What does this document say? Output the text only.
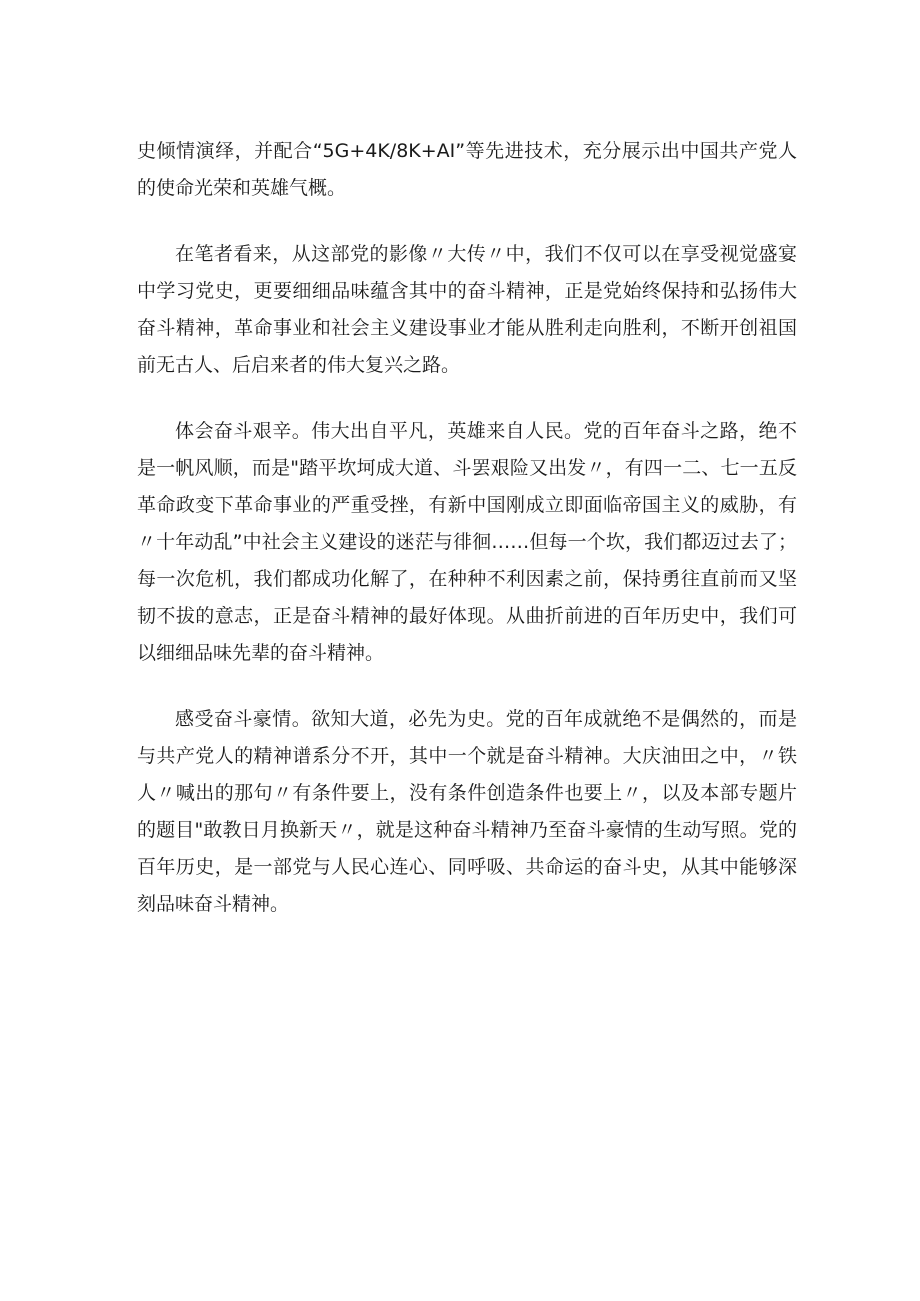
史倾情演绎，并配合“5G+4K/8K+AI”等先进技术，充分展示出中国共产党人的使命光荣和英雄气概。

在笔者看来，从这部党的影像〃大传〃中，我们不仅可以在享受视觉盛宴中学习党史，更要细细品味蕴含其中的奋斗精神，正是党始终保持和弘扬伟大奋斗精神，革命事业和社会主义建设事业才能从胜利走向胜利，不断开创祖国前无古人、后启来者的伟大复兴之路。

体会奋斗艰辛。伟大出自平凡，英雄来自人民。党的百年奋斗之路，绝不是一帆风顺，而是"踏平坎坷成大道、斗罢艰险又出发〃，有四一二、七一五反革命政变下革命事业的严重受挫，有新中国刚成立即面临帝国主义的威胁，有〃十年动乱”中社会主义建设的迷茫与徘徊……但每一个坎，我们都迈过去了；每一次危机，我们都成功化解了，在种种不利因素之前，保持勇往直前而又坚韧不拔的意志，正是奋斗精神的最好体现。从曲折前进的百年历史中，我们可以细细品味先辈的奋斗精神。

感受奋斗豪情。欲知大道，必先为史。党的百年成就绝不是偶然的，而是与共产党人的精神谱系分不开，其中一个就是奋斗精神。大庆油田之中，〃铁人〃喊出的那句〃有条件要上，没有条件创造条件也要上〃，以及本部专题片的题目"敢教日月换新天〃，就是这种奋斗精神乃至奋斗豪情的生动写照。党的百年历史，是一部党与人民心连心、同呼吸、共命运的奋斗史，从其中能够深刻品味奋斗精神。
